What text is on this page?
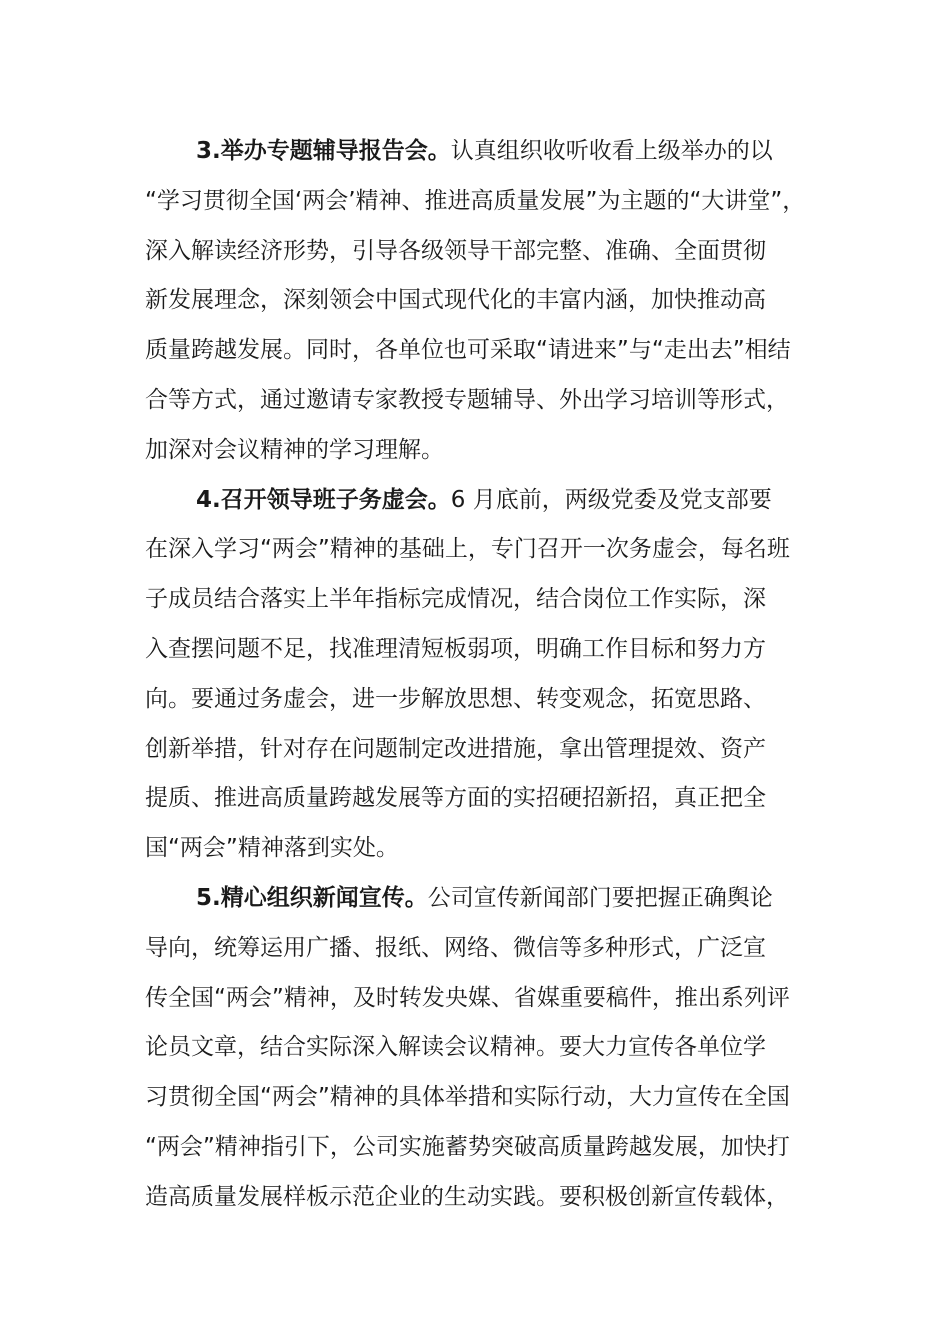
3.举办专题辅导报告会。认真组织收听收看上级举办的以
“学习贯彻全国‘两会’精神、推进高质量发展”为主题的“大讲堂”，
深入解读经济形势，引导各级领导干部完整、准确、全面贯彻
新发展理念，深刻领会中国式现代化的丰富内涵，加快推动高
质量跨越发展。同时，各单位也可采取“请进来”与“走出去”相结
合等方式，通过邀请专家教授专题辅导、外出学习培训等形式，
加深对会议精神的学习理解。
4.召开领导班子务虚会。6 月底前，两级党委及党支部要
在深入学习“两会”精神的基础上，专门召开一次务虚会，每名班
子成员结合落实上半年指标完成情况，结合岗位工作实际，深
入查摆问题不足，找准理清短板弱项，明确工作目标和努力方
向。要通过务虚会，进一步解放思想、转变观念，拓宽思路、
创新举措，针对存在问题制定改进措施，拿出管理提效、资产
提质、推进高质量跨越发展等方面的实招硬招新招，真正把全
国“两会”精神落到实处。
5.精心组织新闻宣传。公司宣传新闻部门要把握正确舆论
导向，统筹运用广播、报纸、网络、微信等多种形式，广泛宣
传全国“两会”精神，及时转发央媒、省媒重要稿件，推出系列评
论员文章，结合实际深入解读会议精神。要大力宣传各单位学
习贯彻全国“两会”精神的具体举措和实际行动，大力宣传在全国
“两会”精神指引下，公司实施蓄势突破高质量跨越发展，加快打
造高质量发展样板示范企业的生动实践。要积极创新宣传载体，
